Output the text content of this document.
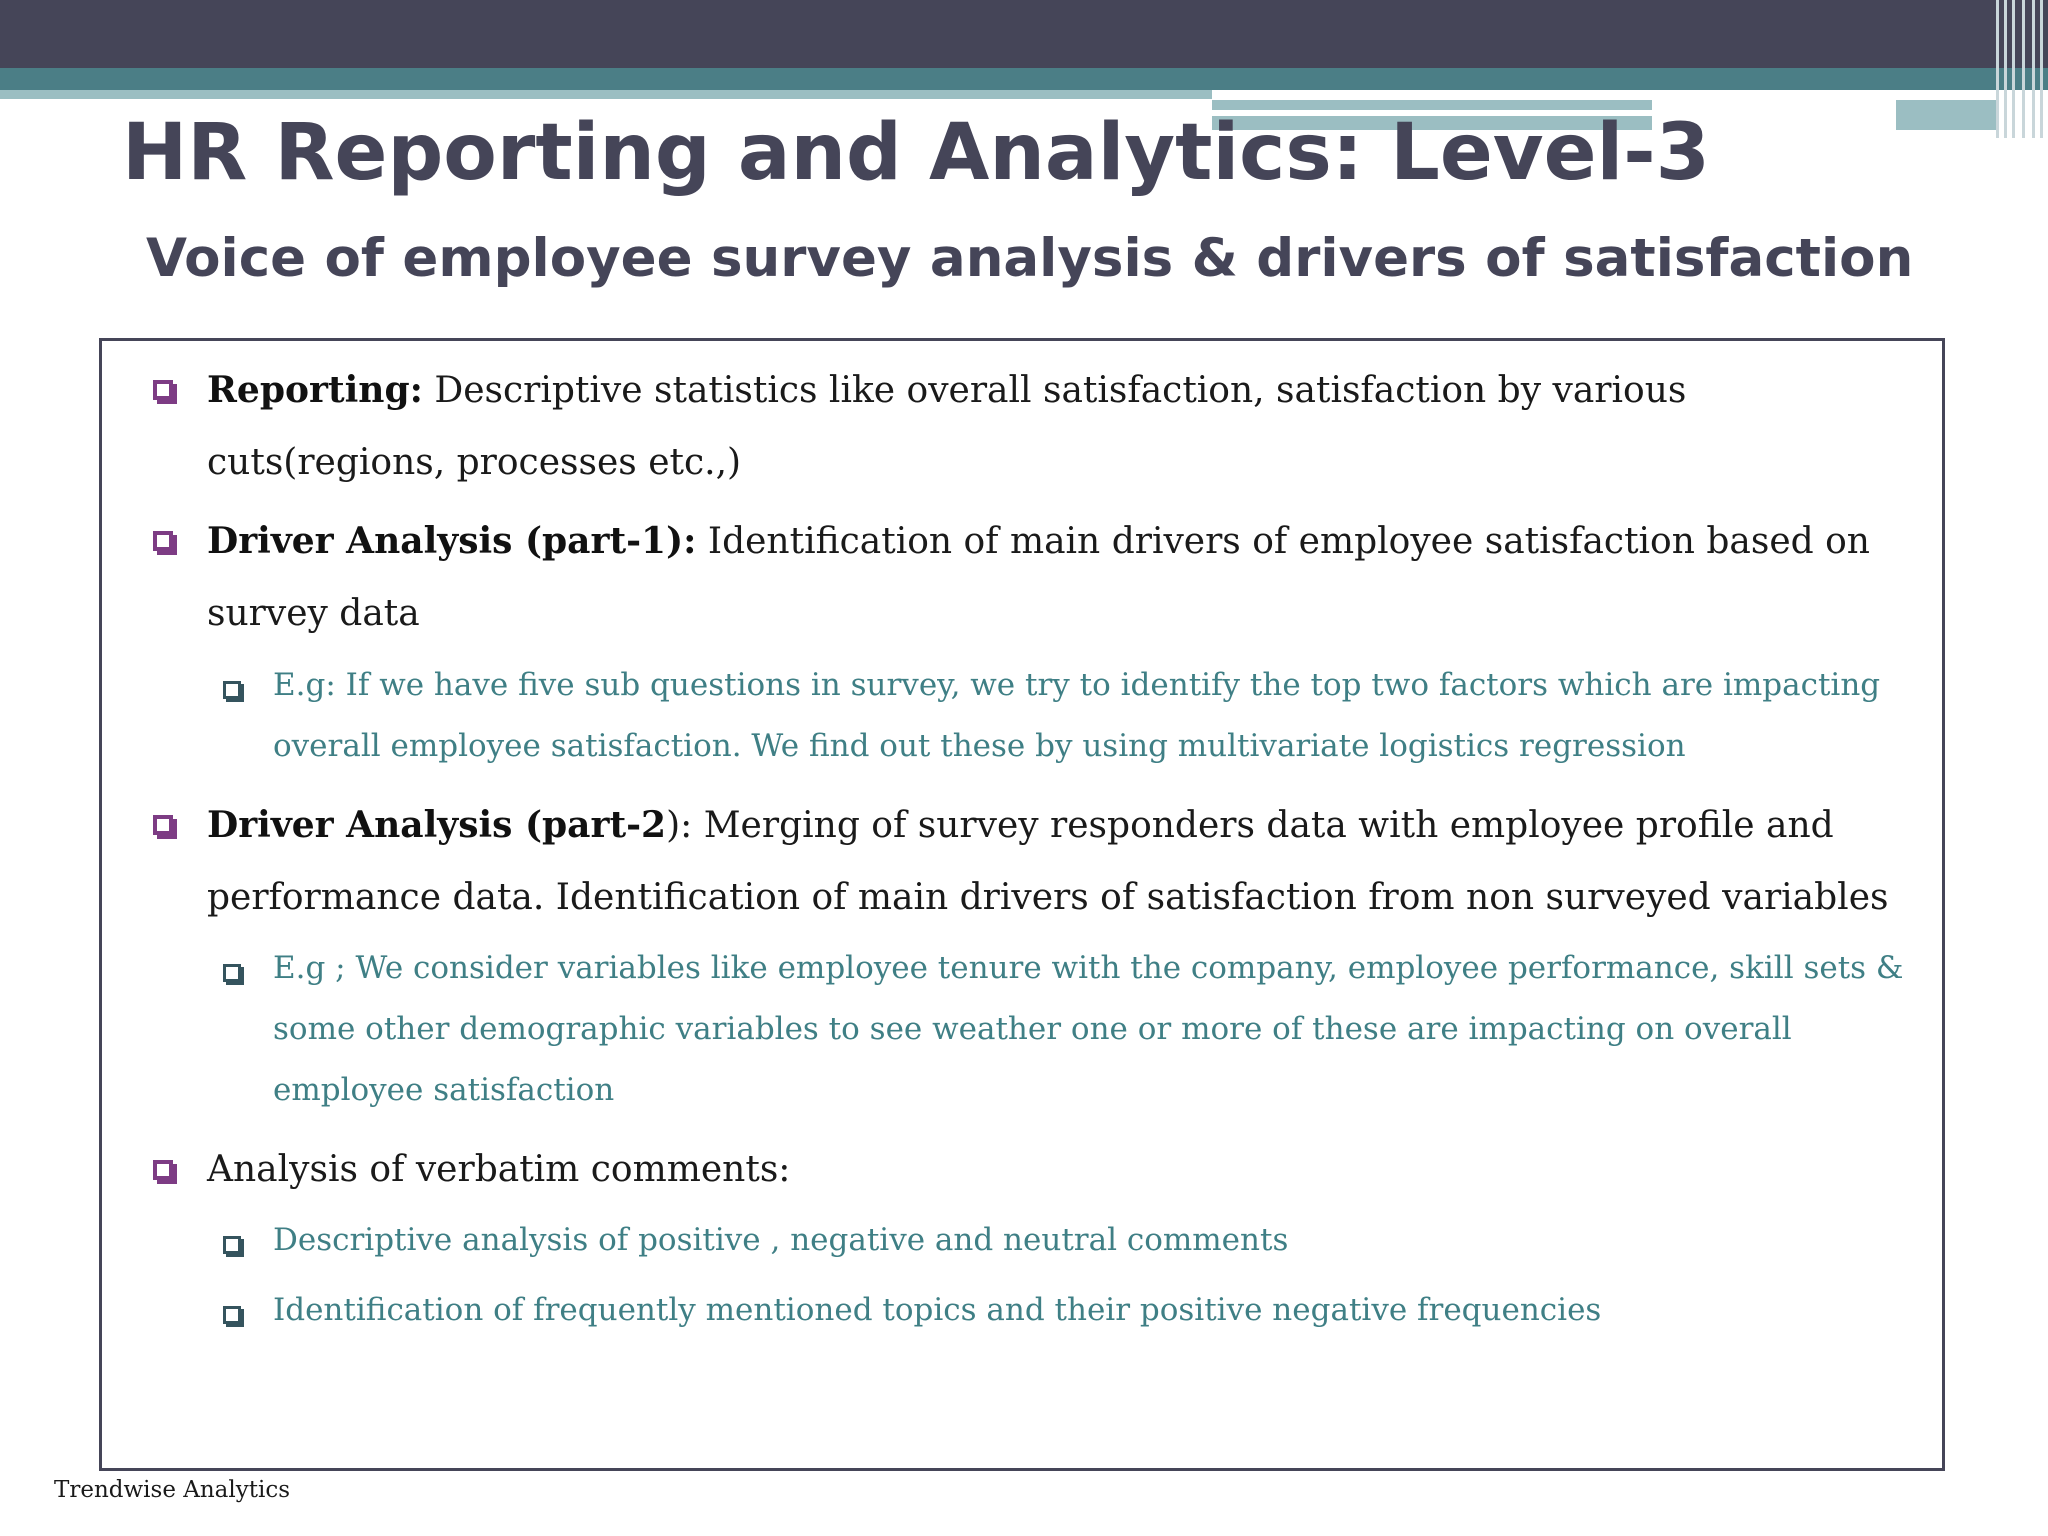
HR Reporting and Analytics: Level-3
Voice of employee survey analysis & drivers of satisfaction
Reporting: Descriptive statistics like overall satisfaction, satisfaction by various cuts(regions, processes etc.,)
Driver Analysis (part-1): Identification of main drivers of employee satisfaction based on survey data
E.g: If we have five sub questions in survey, we try to identify the top two factors which are impacting overall employee satisfaction. We find out these by using multivariate logistics regression
Driver Analysis (part-2): Merging of survey responders data with employee profile and performance data. Identification of main drivers of satisfaction from non surveyed variables
E.g ; We consider variables like employee tenure with the company, employee performance, skill sets & some other demographic variables to see weather one or more of these are impacting on overall employee satisfaction
Analysis of verbatim comments:
Descriptive analysis of positive , negative and neutral comments
Identification of frequently mentioned topics and their positive negative frequencies
Trendwise Analytics
